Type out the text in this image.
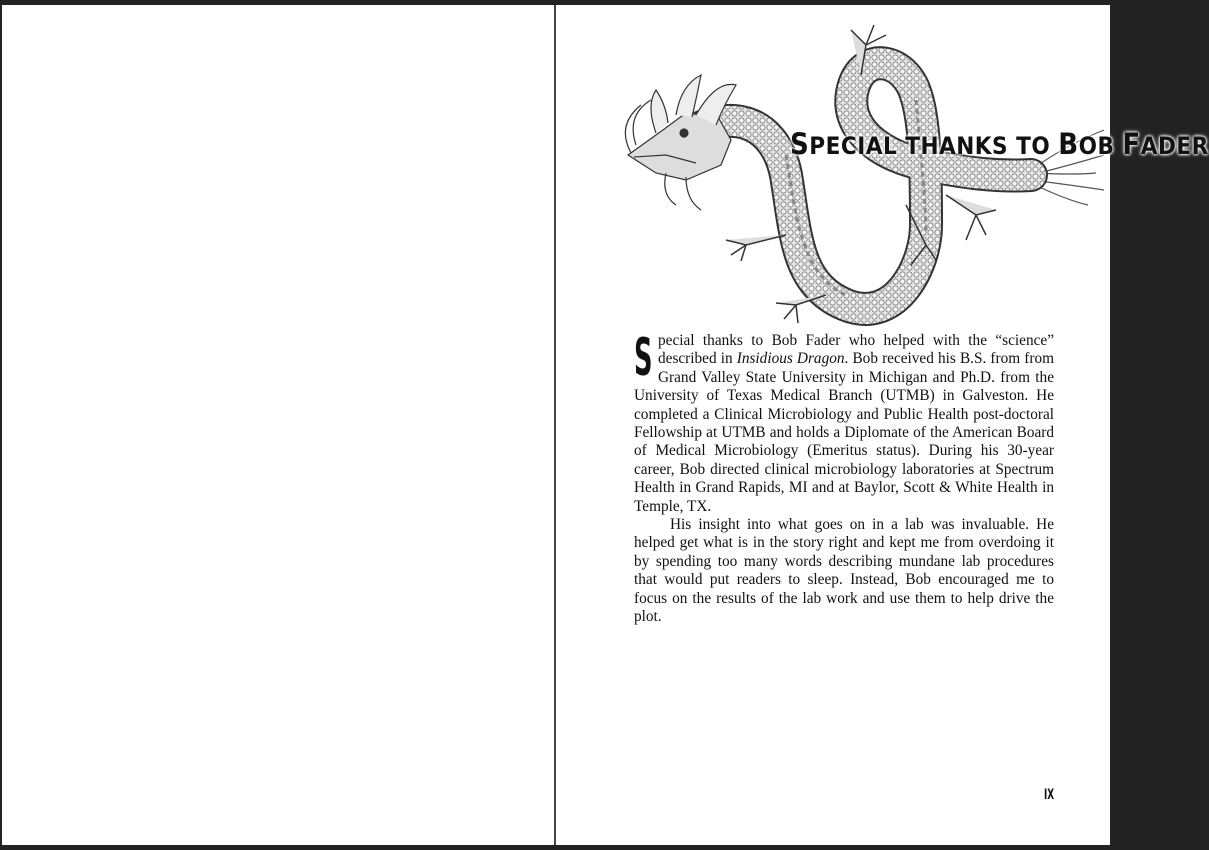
SPECIAL THANKS TO BOB FADER

Special thanks to Bob Fader who helped with the “science” described in Insidious Dragon. Bob received his B.S. from from Grand Valley State University in Michigan and Ph.D. from the University of Texas Medical Branch (UTMB) in Galveston. He completed a Clinical Microbiology and Public Health post-doctoral Fellowship at UTMB and holds a Diplomate of the American Board of Medical Microbiology (Emeritus status). During his 30-year career, Bob directed clinical microbiology laboratories at Spectrum Health in Grand Rapids, MI and at Baylor, Scott & White Health in Temple, TX.

His insight into what goes on in a lab was invaluable. He helped get what is in the story right and kept me from overdoing it by spending too many words describing mundane lab procedures that would put readers to sleep. Instead, Bob encouraged me to focus on the results of the lab work and use them to help drive the plot.

IX
